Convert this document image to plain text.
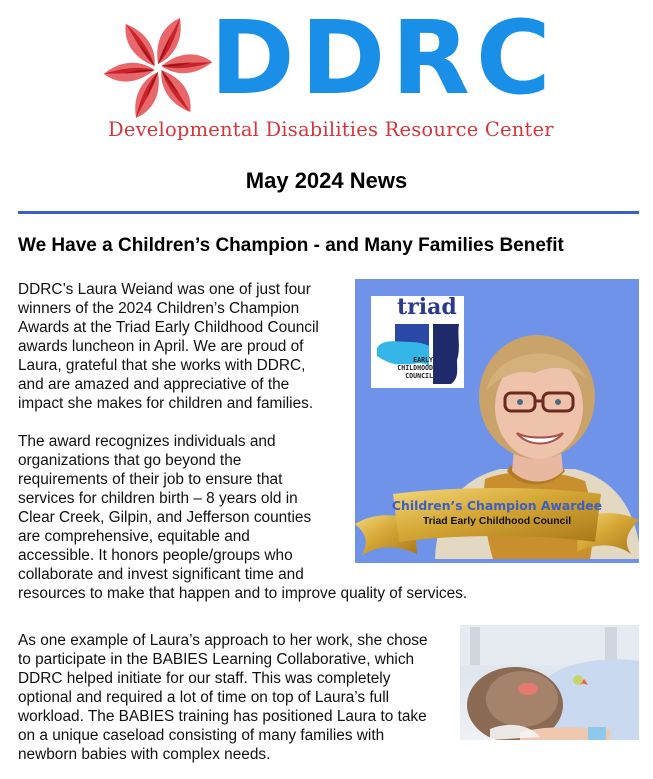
DDRC
Developmental Disabilities Resource Center
May 2024 News
We Have a Children’s Champion - and Many Families Benefit
DDRC’s Laura Weiand was one of just four
winners of the 2024 Children’s Champion
Awards at the Triad Early Childhood Council
awards luncheon in April. We are proud of
Laura, grateful that she works with DDRC,
and are amazed and appreciative of the
impact she makes for children and families.
The award recognizes individuals and
organizations that go beyond the
requirements of their job to ensure that
services for children birth – 8 years old in
Clear Creek, Gilpin, and Jefferson counties
are comprehensive, equitable and
accessible. It honors people/groups who
collaborate and invest significant time and
resources to make that happen and to improve quality of services.
As one example of Laura’s approach to her work, she chose
to participate in the BABIES Learning Collaborative, which
DDRC helped initiate for our staff. This was completely
optional and required a lot of time on top of Laura’s full
workload. The BABIES training has positioned Laura to take
on a unique caseload consisting of many families with
newborn babies with complex needs.
triad
EARLY
CHILDHOOD
COUNCIL
Children’s Champion Awardee
Triad Early Childhood Council
